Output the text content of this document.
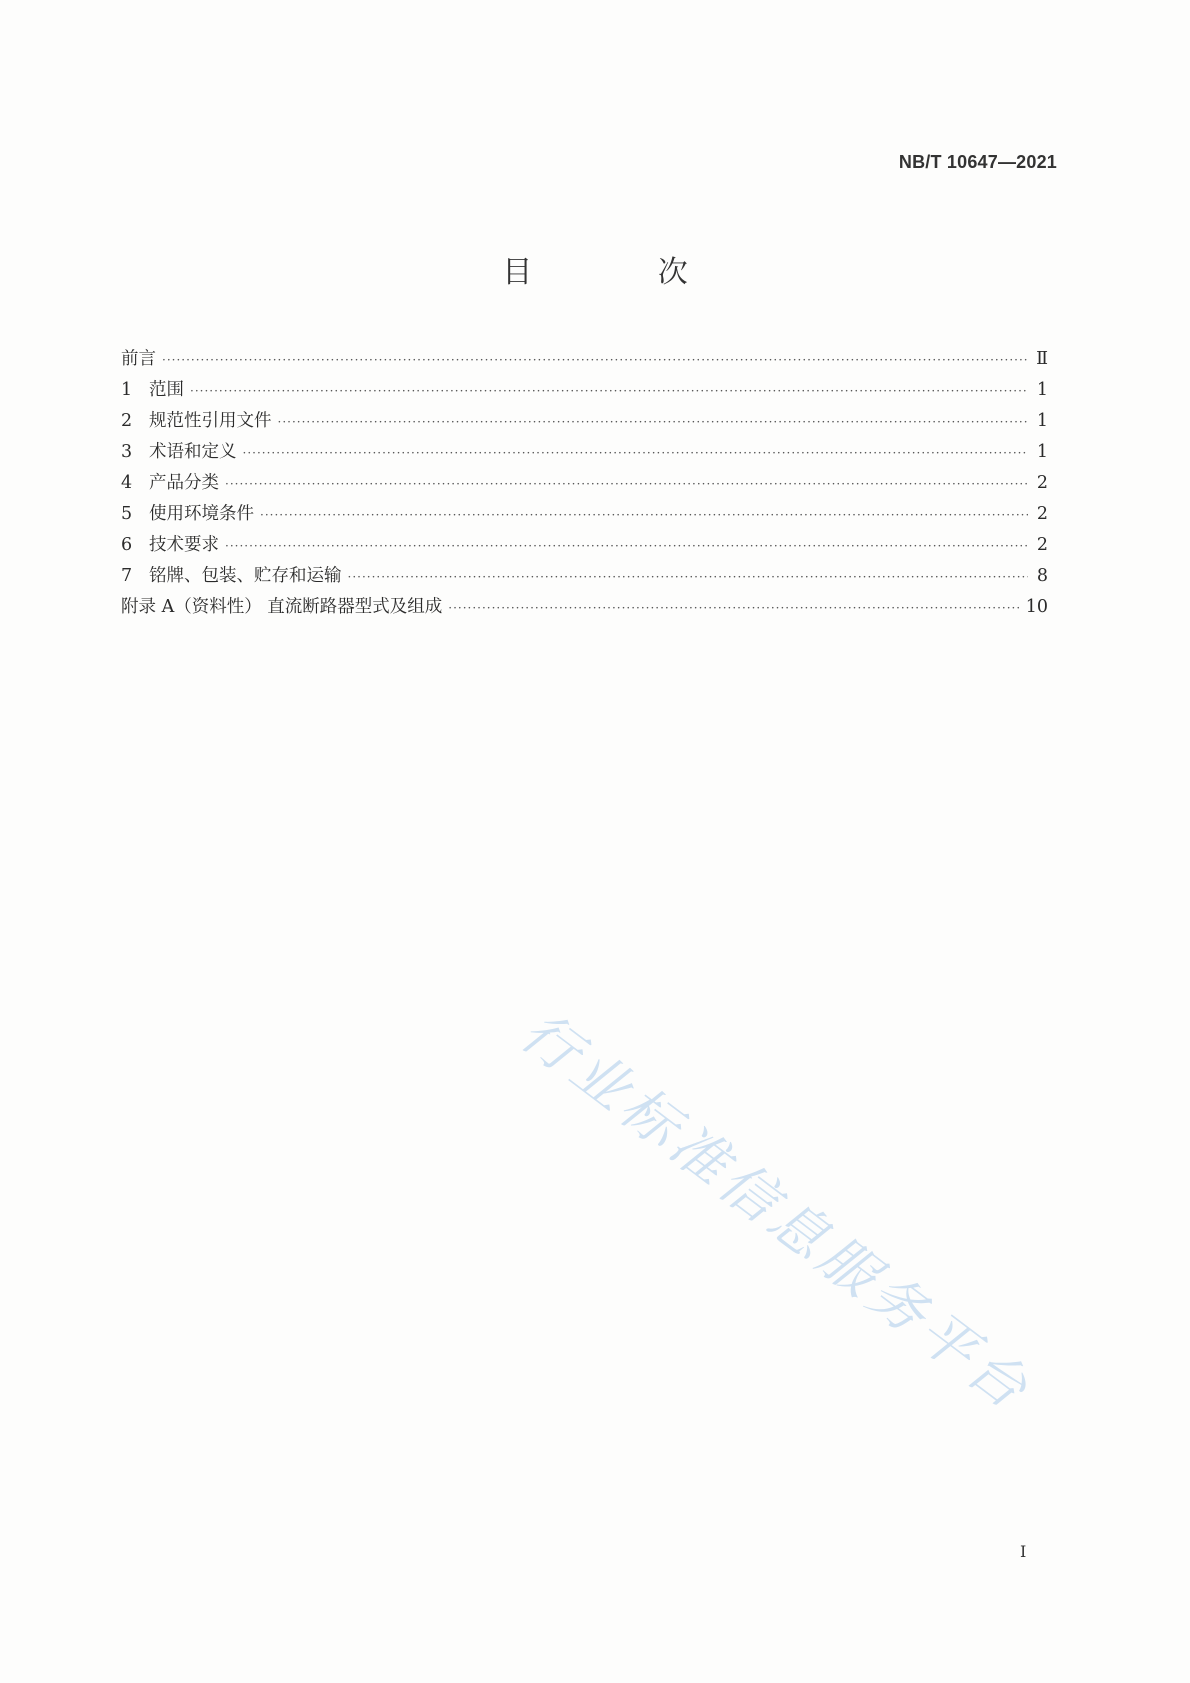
NB/T 10647—2021
目 次
前言 ·····	Ⅱ
1 范围 ·····	1
2 规范性引用文件 ·····	1
3 术语和定义 ·····	1
4 产品分类 ·····	2
5 使用环境条件 ·····	2
6 技术要求 ·····	2
7 铭牌、包装、贮存和运输 ·····	8
附录 A（资料性） 直流断路器型式及组成 ·····	10
行业标准信息服务平台
I
